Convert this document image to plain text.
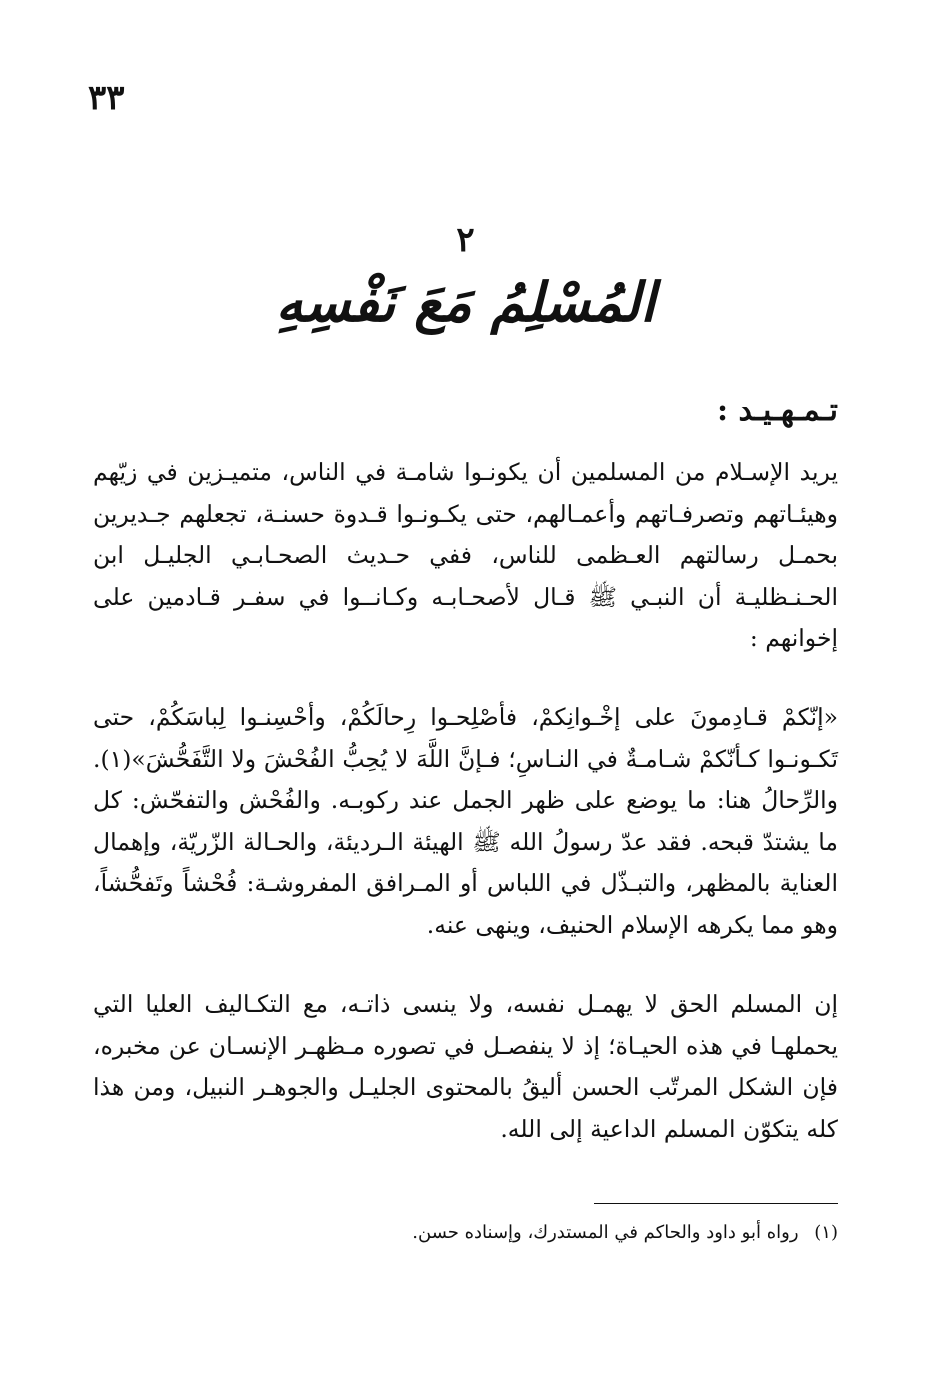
٣٣
٢
المُسْلِمُ مَعَ نَفْسِهِ
تـمـهـيـد :

يريد الإسـلام من المسلمين أن يكونـوا شامـة في الناس، متميـزين في زيّهم وهيئـاتهم وتصرفـاتهم وأعمـالهم، حتى يكـونـوا قـدوة حسنـة، تجعلهم جـديرين بحمـل رسالتهم العـظمى للناس، ففي حـديث الصحـابـي الجليـل ابن الحـنـظليـة أن النبـي ﷺ قـال لأصحـابـه وكـانــوا في سفـر قـادمين على إخوانهم :

«إنّكمْ قـادِمونَ على إخْـوانِكمْ، فأصْلِحـوا رِحالَكُمْ، وأحْسِنـوا لِباسَكُمْ، حتى تَكـونـوا كـأنّكمْ شـامـةٌ في النـاسِ؛ فـإنَّ اللَّهَ لا يُحِبُّ الفُحْشَ ولا التَّفَحُّشَ»(١). والرِّحالُ هنا: ما يوضع على ظهر الجمل عند ركوبـه. والفُحْش والتفحّش: كل ما يشتدّ قبحه. فقد عدّ رسولُ الله ﷺ الهيئة الـرديئة، والحـالة الزّريّة، وإهمال العناية بالمظهر، والتبـذّل في اللباس أو المـرافق المفروشـة: فُحْشاً وتَفحُّشاً، وهو مما يكرهه الإسلام الحنيف، وينهى عنه.

إن المسلم الحق لا يهمـل نفسه، ولا ينسى ذاتـه، مع التكـاليف العليا التي يحملهـا في هذه الحيـاة؛ إذ لا ينفصـل في تصوره مـظهـر الإنسـان عن مخبره، فإن الشكل المرتّب الحسن أليقُ بالمحتوى الجليـل والجوهـر النبيل، ومن هذا كله يتكوّن المسلم الداعية إلى الله.

(١) رواه أبو داود والحاكم في المستدرك، وإسناده حسن.
